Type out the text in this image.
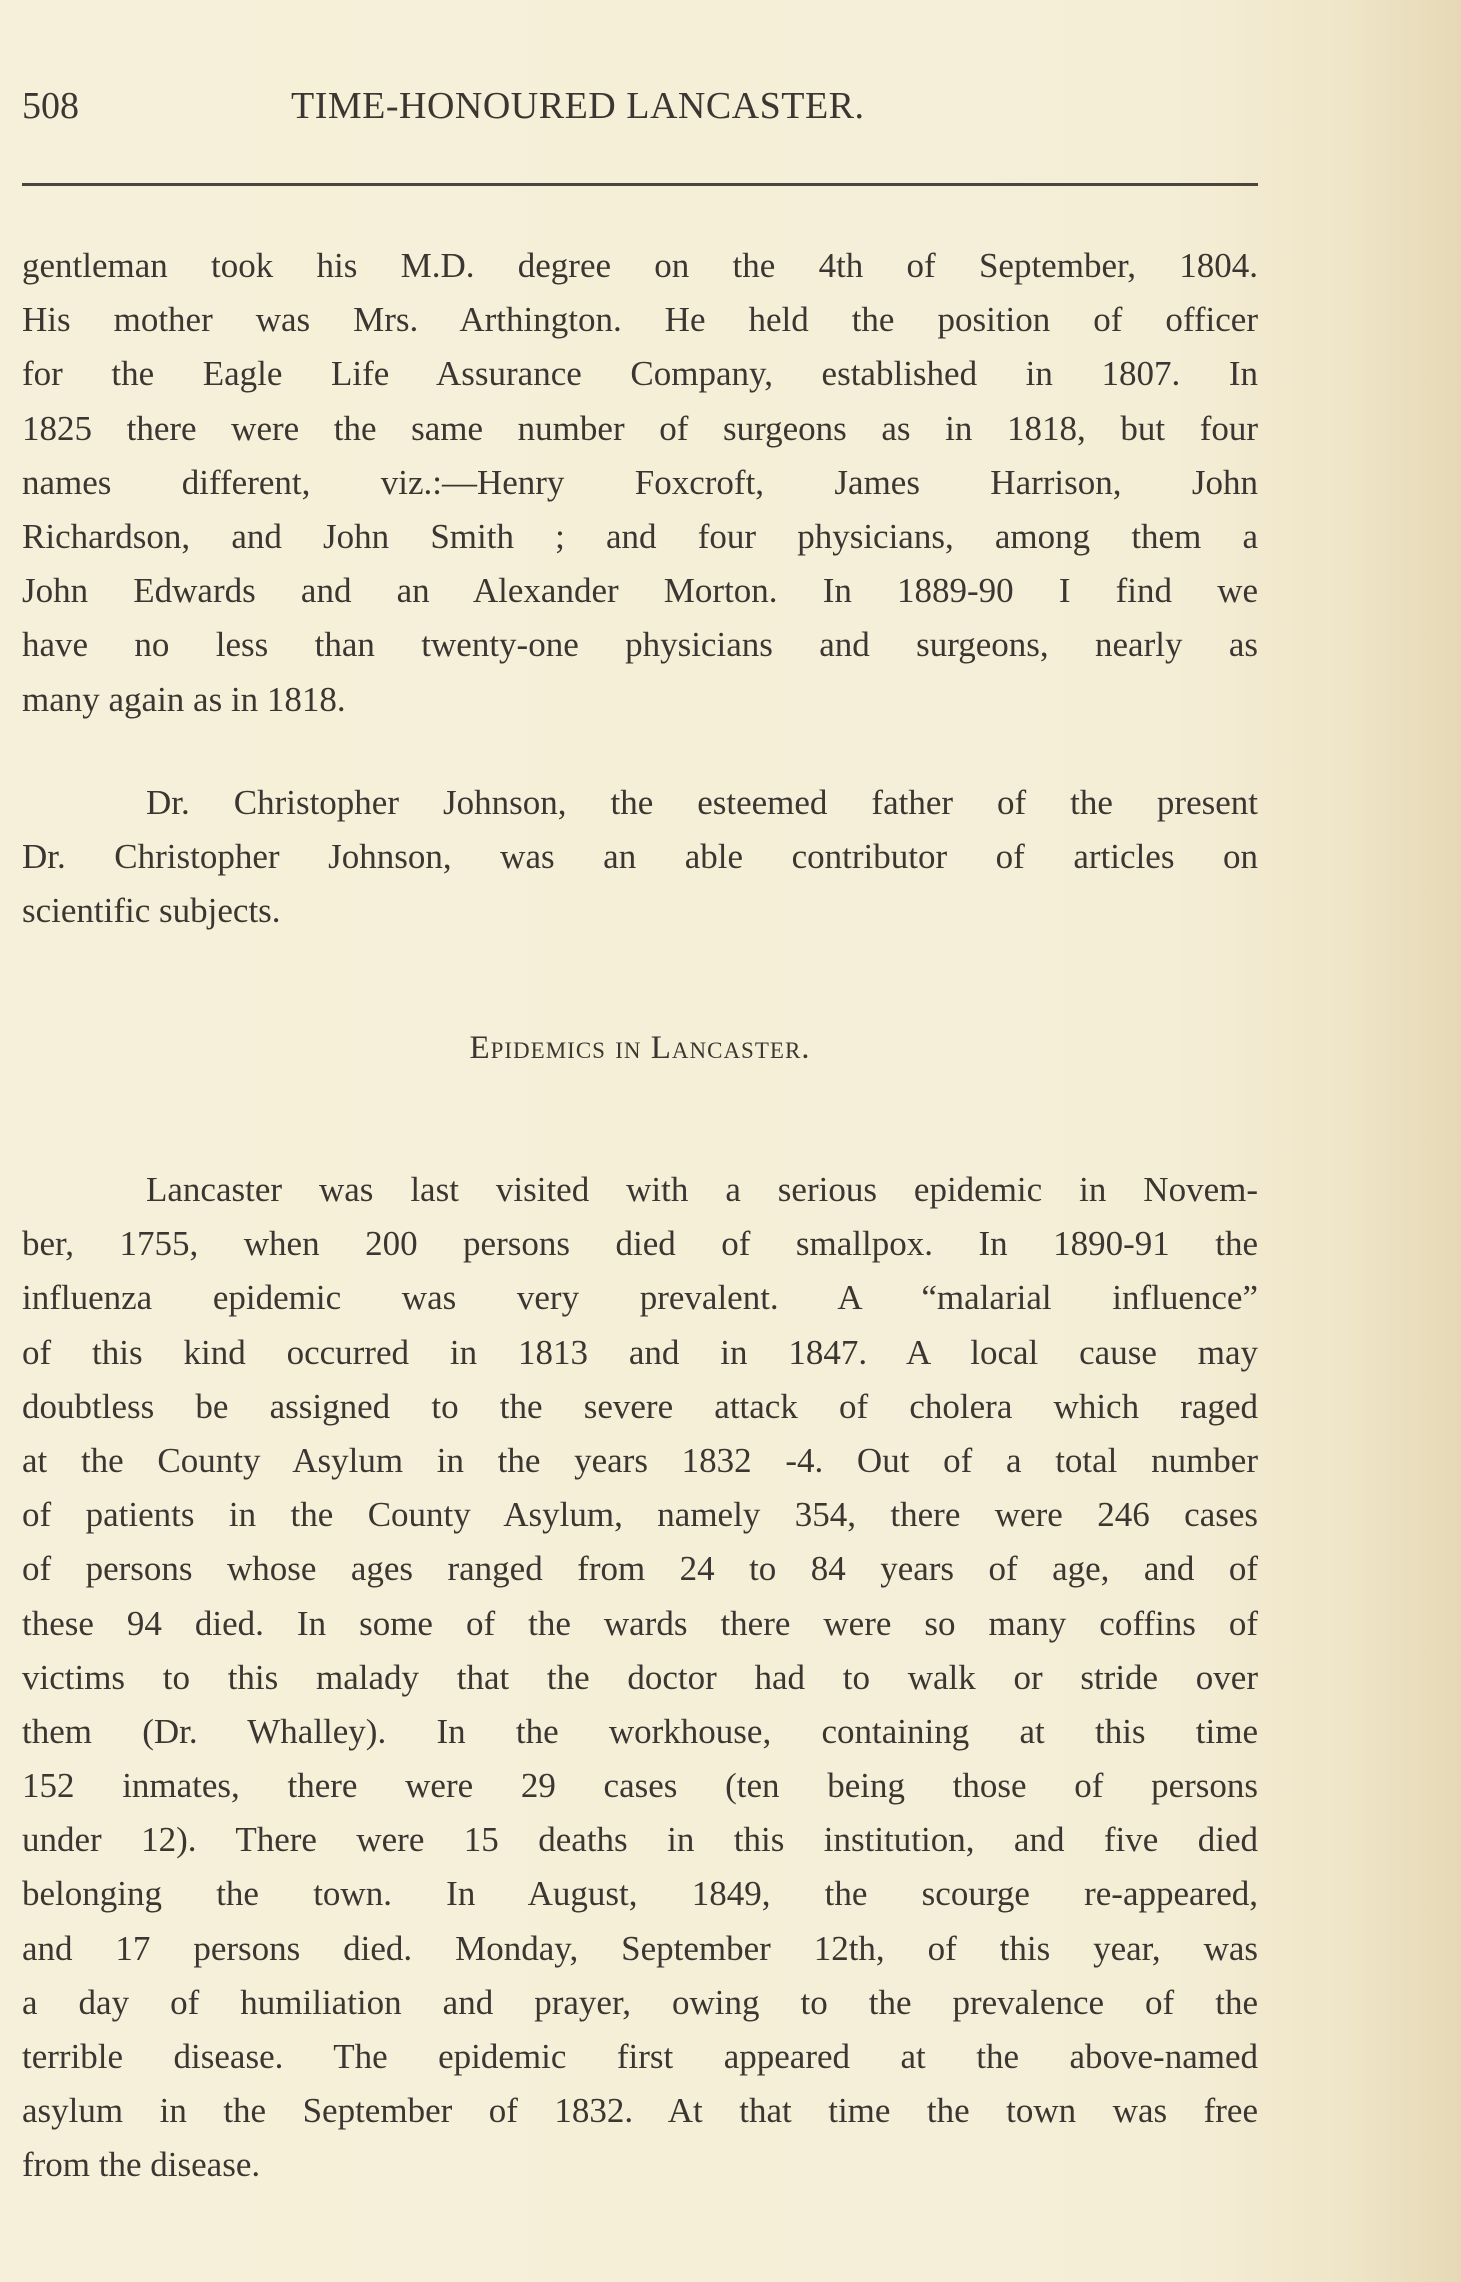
508	TIME-HONOURED LANCASTER.
gentleman took his M.D. degree on the 4th of September, 1804.
His mother was Mrs. Arthington. He held the position of officer
for the Eagle Life Assurance Company, established in 1807. In
1825 there were the same number of surgeons as in 1818, but four
names different, viz.:—Henry Foxcroft, James Harrison, John
Richardson, and John Smith ; and four physicians, among them a
John Edwards and an Alexander Morton. In 1889-90 I find we
have no less than twenty-one physicians and surgeons, nearly as
many again as in 1818.
Dr. Christopher Johnson, the esteemed father of the present
Dr. Christopher Johnson, was an able contributor of articles on
scientific subjects.
Epidemics in Lancaster.
Lancaster was last visited with a serious epidemic in Novem-
ber, 1755, when 200 persons died of smallpox. In 1890-91 the
influenza epidemic was very prevalent. A “malarial influence”
of this kind occurred in 1813 and in 1847. A local cause may
doubtless be assigned to the severe attack of cholera which raged
at the County Asylum in the years 1832 -4. Out of a total number
of patients in the County Asylum, namely 354, there were 246 cases
of persons whose ages ranged from 24 to 84 years of age, and of
these 94 died. In some of the wards there were so many coffins of
victims to this malady that the doctor had to walk or stride over
them (Dr. Whalley). In the workhouse, containing at this time
152 inmates, there were 29 cases (ten being those of persons
under 12). There were 15 deaths in this institution, and five died
belonging the town. In August, 1849, the scourge re-appeared,
and 17 persons died. Monday, September 12th, of this year, was
a day of humiliation and prayer, owing to the prevalence of the
terrible disease. The epidemic first appeared at the above-named
asylum in the September of 1832. At that time the town was free
from the disease.
